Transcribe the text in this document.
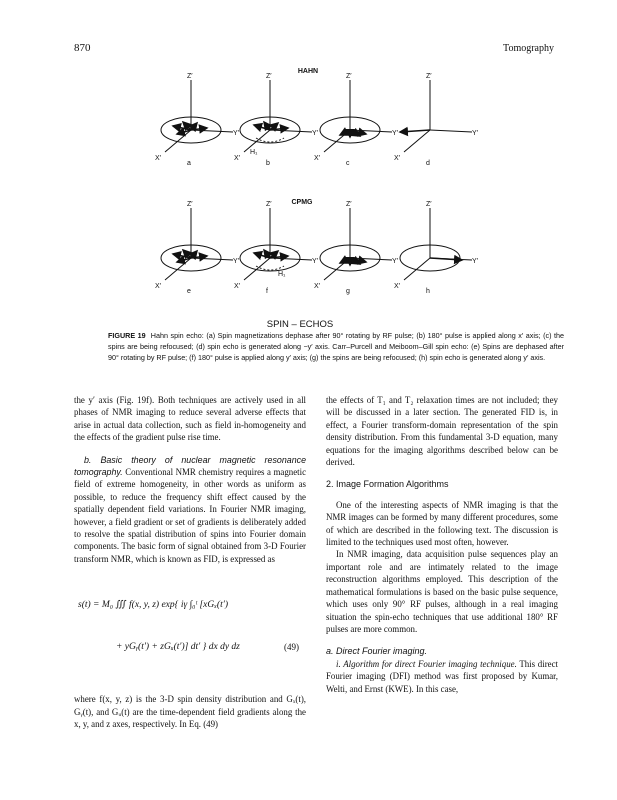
870	Tomography
HAHN
CPMG
SPIN – ECHOS
Z′
Y′
X′
a
Z′
Y′
X′
H₁
b
Z′
Y′
X′
c
Z′
Y′
X′
d
Z′
Y′
X′
e
Z′
Y′
X′
H₁
f
Z′
Y′
X′
g
Z′
Y′
X′
h
FIGURE 19 Hahn spin echo: (a) Spin magnetizations dephase after 90° rotating by RF pulse; (b) 180° pulse is applied along x′ axis; (c) the spins are being refocused; (d) spin echo is generated along −y′ axis. Carr–Purcell and Meiboom–Gill spin echo: (e) Spins are dephased after 90° rotating by RF pulse; (f) 180° pulse is applied along y′ axis; (g) the spins are being refocused; (h) spin echo is generated along y′ axis.

the y′ axis (Fig. 19f). Both techniques are actively used in all phases of NMR imaging to reduce several adverse effects that arise in actual data collection, such as field in-homogeneity and the effects of the gradient pulse rise time.

b. Basic theory of nuclear magnetic resonance tomography. Conventional NMR chemistry requires a magnetic field of extreme homogeneity, in other words as uniform as possible, to reduce the frequency shift effect caused by the spatially dependent field variations. In Fourier NMR imaging, however, a field gradient or set of gradients is deliberately added to resolve the spatial distribution of spins into Fourier domain components. The basic form of signal obtained from 3-D Fourier transform NMR, which is known as FID, is expressed as

s(t) = M₀ ∭ f(x, y, z) exp{ iγ ∫₀ᵗ [xGₓ(t′)
+ yGᵧ(t′) + zGᵤ(t′)] dt′ } dx dy dz	(49)

where f(x, y, z) is the 3-D spin density distribution and Gₓ(t), Gᵧ(t), and Gᵤ(t) are the time-dependent field gradients along the x, y, and z axes, respectively. In Eq. (49)

the effects of T₁ and T₂ relaxation times are not included; they will be discussed in a later section. The generated FID is, in effect, a Fourier transform-domain representation of the spin density distribution. From this fundamental 3-D equation, many equations for the imaging algorithms described below can be derived.

2. Image Formation Algorithms

One of the interesting aspects of NMR imaging is that the NMR images can be formed by many different procedures, some of which are described in the following text. The discussion is limited to the techniques used most often, however.

In NMR imaging, data acquisition pulse sequences play an important role and are intimately related to the image reconstruction algorithms employed. This description of the mathematical formulations is based on the basic pulse sequence, which uses only 90° RF pulses, although in a real imaging situation the spin-echo techniques that use additional 180° RF pulses are more common.

a. Direct Fourier imaging.

i. Algorithm for direct Fourier imaging technique. This direct Fourier imaging (DFI) method was first proposed by Kumar, Welti, and Ernst (KWE). In this case,
